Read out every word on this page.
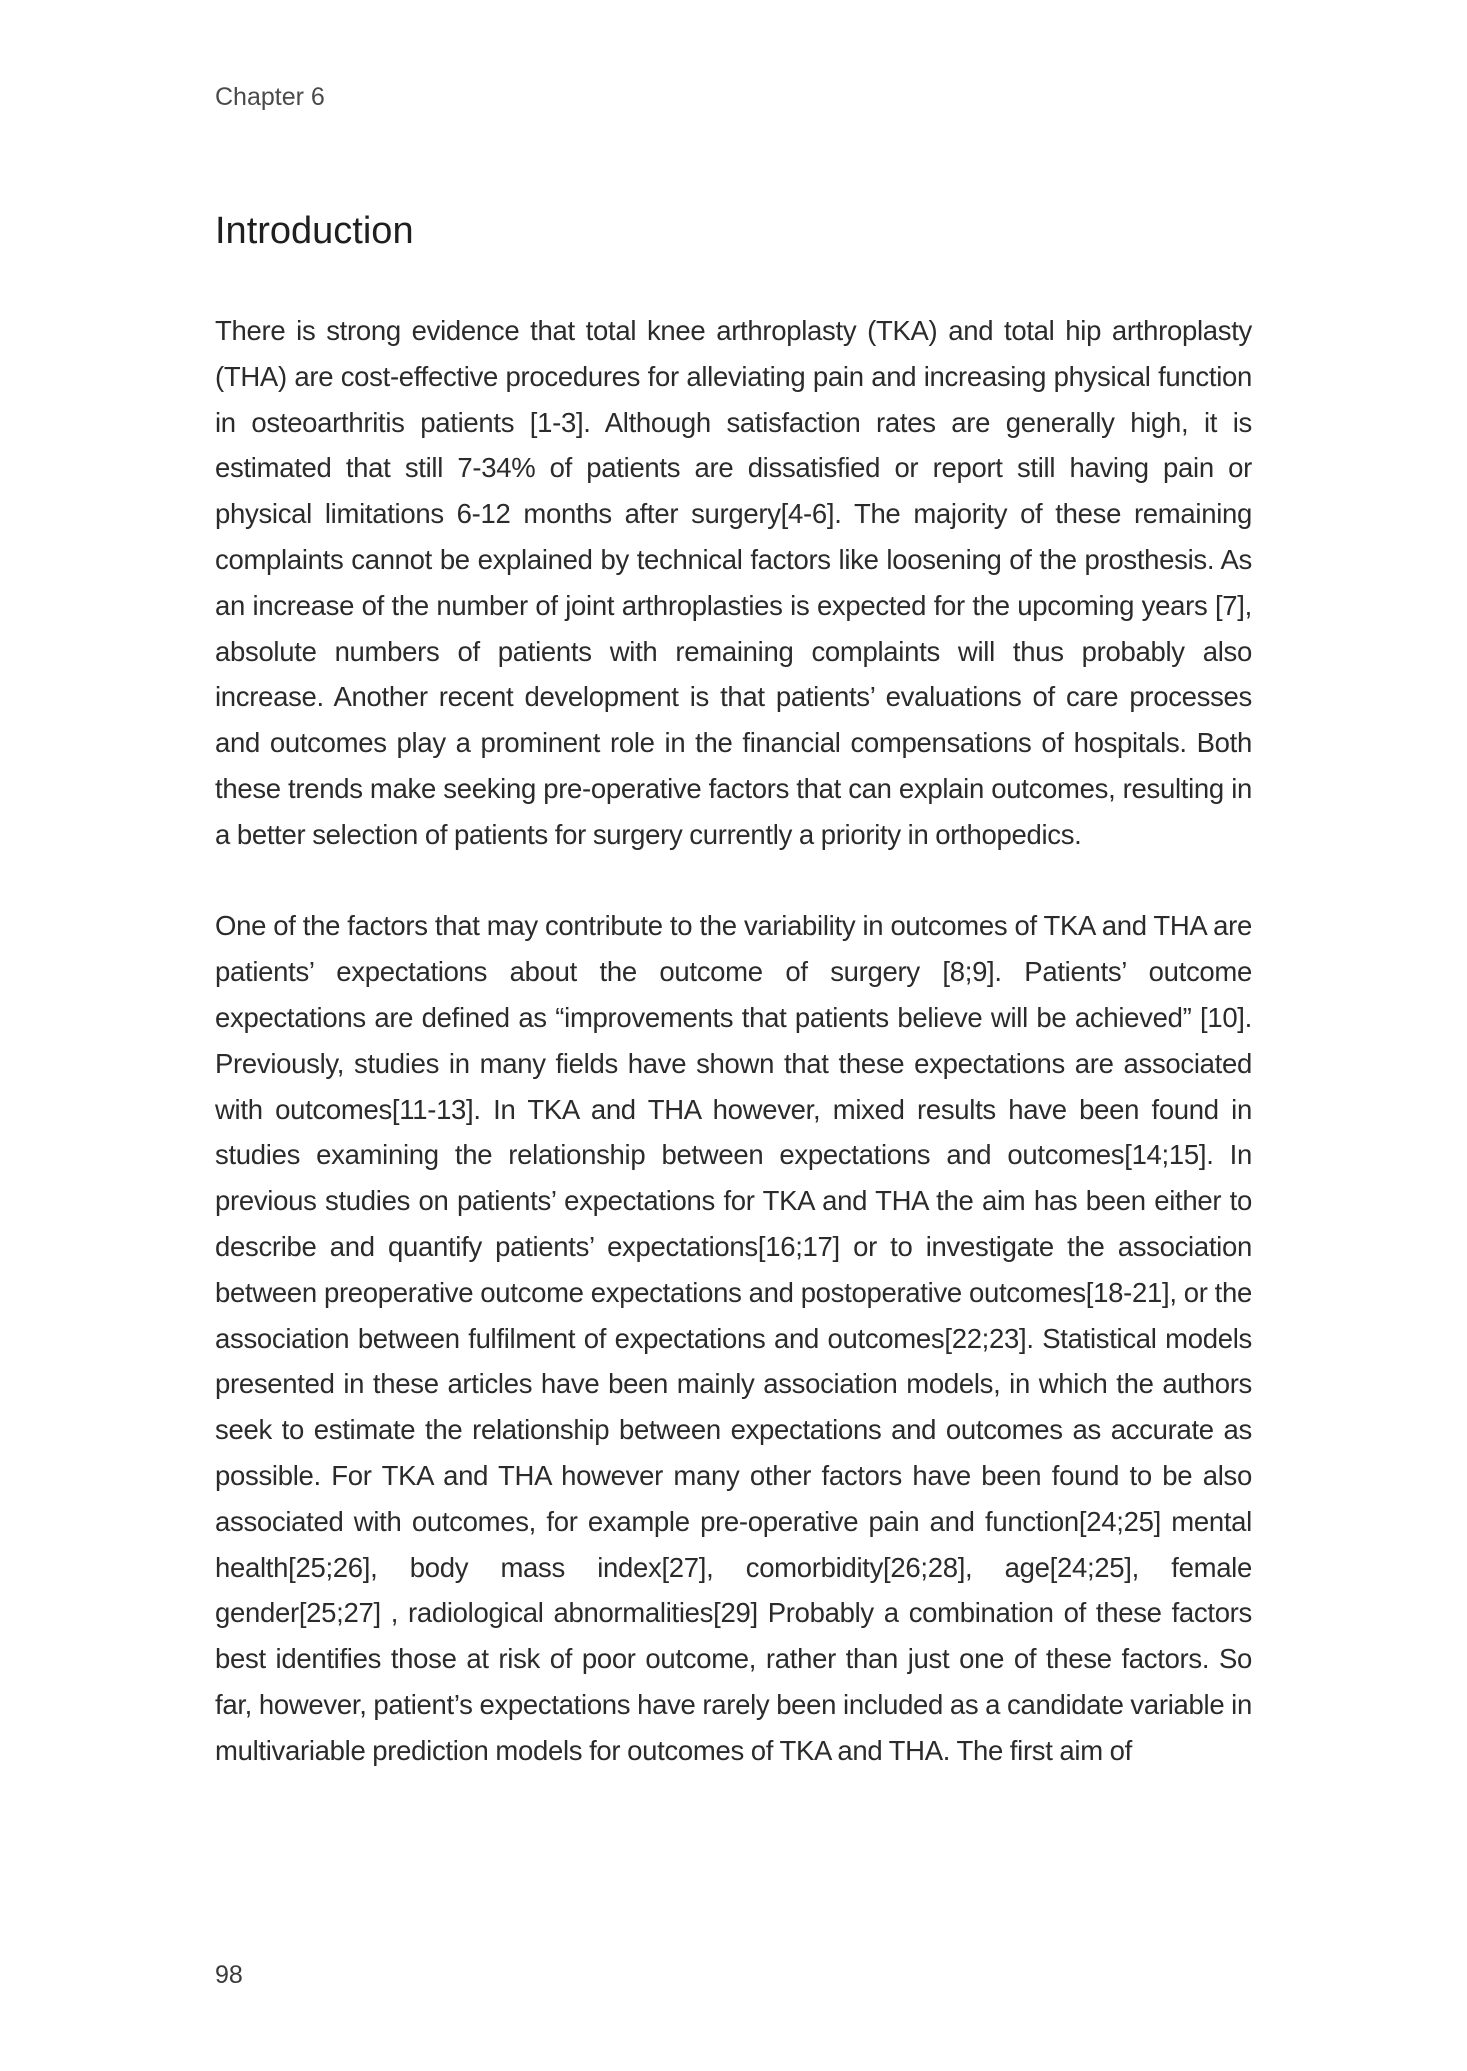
Chapter 6
Introduction

There is strong evidence that total knee arthroplasty (TKA) and total hip arthroplasty (THA) are cost-effective procedures for alleviating pain and increasing physical function in osteoarthritis patients [1-3]. Although satisfaction rates are generally high, it is estimated that still 7-34% of patients are dissatisfied or report still having pain or physical limitations 6-12 months after surgery[4-6]. The majority of these remaining complaints cannot be explained by technical factors like loosening of the prosthesis. As an increase of the number of joint arthroplasties is expected for the upcoming years [7], absolute numbers of patients with remaining complaints will thus probably also increase. Another recent development is that patients’ evaluations of care processes and outcomes play a prominent role in the financial compensations of hospitals. Both these trends make seeking pre-operative factors that can explain outcomes, resulting in a better selection of patients for surgery currently a priority in orthopedics.

One of the factors that may contribute to the variability in outcomes of TKA and THA are patients’ expectations about the outcome of surgery [8;9]. Patients’ outcome expectations are defined as “improvements that patients believe will be achieved” [10]. Previously, studies in many fields have shown that these expectations are associated with outcomes[11-13]. In TKA and THA however, mixed results have been found in studies examining the relationship between expectations and outcomes[14;15]. In previous studies on patients’ expectations for TKA and THA the aim has been either to describe and quantify patients’ expectations[16;17] or to investigate the association between preoperative outcome expectations and postoperative outcomes[18-21], or the association between fulfilment of expectations and outcomes[22;23]. Statistical models presented in these articles have been mainly association models, in which the authors seek to estimate the relationship between expectations and outcomes as accurate as possible. For TKA and THA however many other factors have been found to be also associated with outcomes, for example pre-operative pain and function[24;25] mental health[25;26], body mass index[27], comorbidity[26;28], age[24;25], female gender[25;27] , radiological abnormalities[29] Probably a combination of these factors best identifies those at risk of poor outcome, rather than just one of these factors. So far, however, patient’s expectations have rarely been included as a candidate variable in multivariable prediction models for outcomes of TKA and THA. The first aim of

98
